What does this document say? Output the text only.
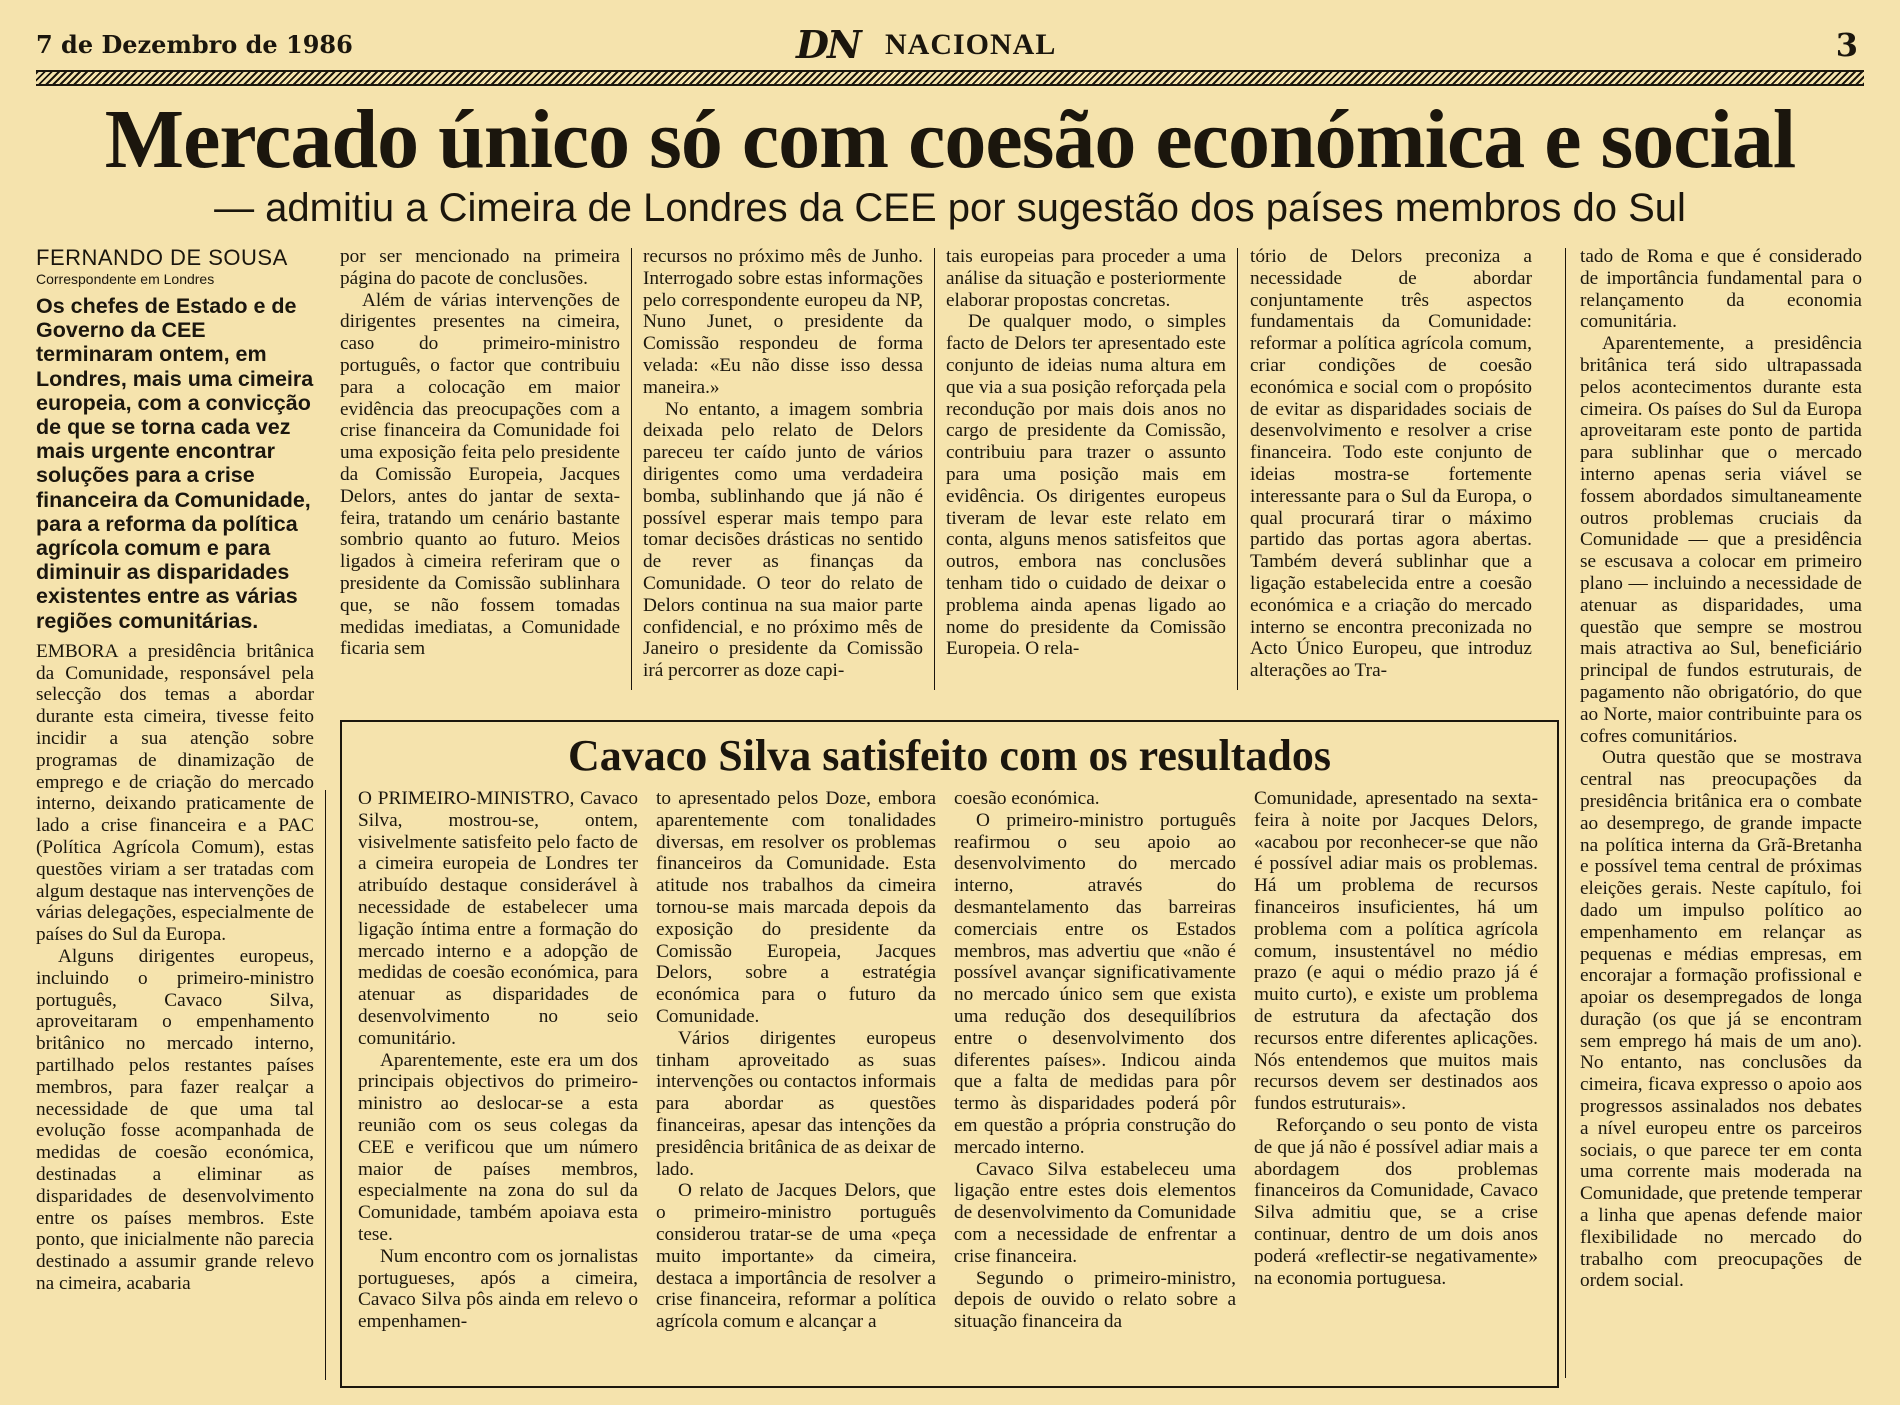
7 de Dezembro de 1986	DN NACIONAL	3
Mercado único só com coesão económica e social
— admitiu a Cimeira de Londres da CEE por sugestão dos países membros do Sul
FERNANDO DE SOUSA
Correspondente em Londres
Os chefes de Estado e de Governo da CEE terminaram ontem, em Londres, mais uma cimeira europeia, com a convicção de que se torna cada vez mais urgente encontrar soluções para a crise financeira da Comunidade, para a reforma da política agrícola comum e para diminuir as disparidades existentes entre as várias regiões comunitárias.

EMBORA a presidência britânica da Comunidade, responsável pela selecção dos temas a abordar durante esta cimeira, tivesse feito incidir a sua atenção sobre programas de dinamização de emprego e de criação do mercado interno, deixando praticamente de lado a crise financeira e a PAC (Política Agrícola Comum), estas questões viriam a ser tratadas com algum destaque nas intervenções de várias delegações, especialmente de países do Sul da Europa.

Alguns dirigentes europeus, incluindo o primeiro-ministro português, Cavaco Silva, aproveitaram o empenhamento britânico no mercado interno, partilhado pelos restantes países membros, para fazer realçar a necessidade de que uma tal evolução fosse acompanhada de medidas de coesão económica, destinadas a eliminar as disparidades de desenvolvimento entre os países membros. Este ponto, que inicialmente não parecia destinado a assumir grande relevo na cimeira, acabaria

por ser mencionado na primeira página do pacote de conclusões.

Além de várias intervenções de dirigentes presentes na cimeira, caso do primeiro-ministro português, o factor que contribuiu para a colocação em maior evidência das preocupações com a crise financeira da Comunidade foi uma exposição feita pelo presidente da Comissão Europeia, Jacques Delors, antes do jantar de sexta-feira, tratando um cenário bastante sombrio quanto ao futuro. Meios ligados à cimeira referiram que o presidente da Comissão sublinhara que, se não fossem tomadas medidas imediatas, a Comunidade ficaria sem

recursos no próximo mês de Junho. Interrogado sobre estas informações pelo correspondente europeu da NP, Nuno Junet, o presidente da Comissão respondeu de forma velada: «Eu não disse isso dessa maneira.»

No entanto, a imagem sombria deixada pelo relato de Delors pareceu ter caído junto de vários dirigentes como uma verdadeira bomba, sublinhando que já não é possível esperar mais tempo para tomar decisões drásticas no sentido de rever as finanças da Comunidade. O teor do relato de Delors continua na sua maior parte confidencial, e no próximo mês de Janeiro o presidente da Comissão irá percorrer as doze capi-

tais europeias para proceder a uma análise da situação e posteriormente elaborar propostas concretas.

De qualquer modo, o simples facto de Delors ter apresentado este conjunto de ideias numa altura em que via a sua posição reforçada pela recondução por mais dois anos no cargo de presidente da Comissão, contribuiu para trazer o assunto para uma posição mais em evidência. Os dirigentes europeus tiveram de levar este relato em conta, alguns menos satisfeitos que outros, embora nas conclusões tenham tido o cuidado de deixar o problema ainda apenas ligado ao nome do presidente da Comissão Europeia. O rela-

tório de Delors preconiza a necessidade de abordar conjuntamente três aspectos fundamentais da Comunidade: reformar a política agrícola comum, criar condições de coesão económica e social com o propósito de evitar as disparidades sociais de desenvolvimento e resolver a crise financeira. Todo este conjunto de ideias mostra-se fortemente interessante para o Sul da Europa, o qual procurará tirar o máximo partido das portas agora abertas. Também deverá sublinhar que a ligação estabelecida entre a coesão económica e a criação do mercado interno se encontra preconizada no Acto Único Europeu, que introduz alterações ao Tra-

tado de Roma e que é considerado de importância fundamental para o relançamento da economia comunitária.

Aparentemente, a presidência britânica terá sido ultrapassada pelos acontecimentos durante esta cimeira. Os países do Sul da Europa aproveitaram este ponto de partida para sublinhar que o mercado interno apenas seria viável se fossem abordados simultaneamente outros problemas cruciais da Comunidade — que a presidência se escusava a colocar em primeiro plano — incluindo a necessidade de atenuar as disparidades, uma questão que sempre se mostrou mais atractiva ao Sul, beneficiário principal de fundos estruturais, de pagamento não obrigatório, do que ao Norte, maior contribuinte para os cofres comunitários.

Outra questão que se mostrava central nas preocupações da presidência britânica era o combate ao desemprego, de grande impacte na política interna da Grã-Bretanha e possível tema central de próximas eleições gerais. Neste capítulo, foi dado um impulso político ao empenhamento em relançar as pequenas e médias empresas, em encorajar a formação profissional e apoiar os desempregados de longa duração (os que já se encontram sem emprego há mais de um ano). No entanto, nas conclusões da cimeira, ficava expresso o apoio aos progressos assinalados nos debates a nível europeu entre os parceiros sociais, o que parece ter em conta uma corrente mais moderada na Comunidade, que pretende temperar a linha que apenas defende maior flexibilidade no mercado do trabalho com preocupações de ordem social.

Cavaco Silva satisfeito com os resultados

O PRIMEIRO-MINISTRO, Cavaco Silva, mostrou-se, ontem, visivelmente satisfeito pelo facto de a cimeira europeia de Londres ter atribuído destaque considerável à necessidade de estabelecer uma ligação íntima entre a formação do mercado interno e a adopção de medidas de coesão económica, para atenuar as disparidades de desenvolvimento no seio comunitário.

Aparentemente, este era um dos principais objectivos do primeiro-ministro ao deslocar-se a esta reunião com os seus colegas da CEE e verificou que um número maior de países membros, especialmente na zona do sul da Comunidade, também apoiava esta tese.

Num encontro com os jornalistas portugueses, após a cimeira, Cavaco Silva pôs ainda em relevo o empenhamen-

to apresentado pelos Doze, embora aparentemente com tonalidades diversas, em resolver os problemas financeiros da Comunidade. Esta atitude nos trabalhos da cimeira tornou-se mais marcada depois da exposição do presidente da Comissão Europeia, Jacques Delors, sobre a estratégia económica para o futuro da Comunidade.

Vários dirigentes europeus tinham aproveitado as suas intervenções ou contactos informais para abordar as questões financeiras, apesar das intenções da presidência britânica de as deixar de lado.

O relato de Jacques Delors, que o primeiro-ministro português considerou tratar-se de uma «peça muito importante» da cimeira, destaca a importância de resolver a crise financeira, reformar a política agrícola comum e alcançar a

coesão económica.

O primeiro-ministro português reafirmou o seu apoio ao desenvolvimento do mercado interno, através do desmantelamento das barreiras comerciais entre os Estados membros, mas advertiu que «não é possível avançar significativamente no mercado único sem que exista uma redução dos desequilíbrios entre o desenvolvimento dos diferentes países». Indicou ainda que a falta de medidas para pôr termo às disparidades poderá pôr em questão a própria construção do mercado interno.

Cavaco Silva estabeleceu uma ligação entre estes dois elementos de desenvolvimento da Comunidade com a necessidade de enfrentar a crise financeira.

Segundo o primeiro-ministro, depois de ouvido o relato sobre a situação financeira da

Comunidade, apresentado na sexta-feira à noite por Jacques Delors, «acabou por reconhecer-se que não é possível adiar mais os problemas. Há um problema de recursos financeiros insuficientes, há um problema com a política agrícola comum, insustentável no médio prazo (e aqui o médio prazo já é muito curto), e existe um problema de estrutura da afectação dos recursos entre diferentes aplicações. Nós entendemos que muitos mais recursos devem ser destinados aos fundos estruturais».

Reforçando o seu ponto de vista de que já não é possível adiar mais a abordagem dos problemas financeiros da Comunidade, Cavaco Silva admitiu que, se a crise continuar, dentro de um dois anos poderá «reflectir-se negativamente» na economia portuguesa.
